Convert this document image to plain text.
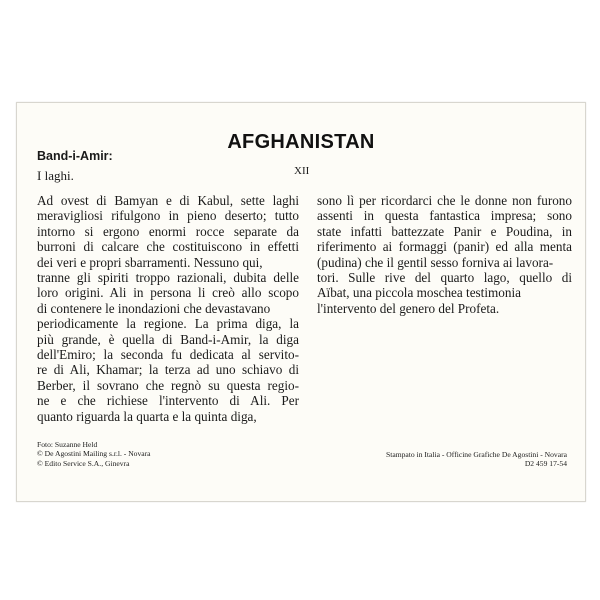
AFGHANISTAN
Band-i-Amir:
I laghi.	XII
Ad ovest di Bamyan e di Kabul, sette laghi
meravigliosi rifulgono in pieno deserto; tutto
intorno si ergono enormi rocce separate da
burroni di calcare che costituiscono in effetti
dei veri e propri sbarramenti. Nessuno qui,
tranne gli spiriti troppo razionali, dubita delle
loro origini. Ali in persona li creò allo scopo
di contenere le inondazioni che devastavano
periodicamente la regione. La prima diga, la
più grande, è quella di Band-i-Amir, la diga
dell'Emiro; la seconda fu dedicata al servito-
re di Ali, Khamar; la terza ad uno schiavo di
Berber, il sovrano che regnò su questa regio-
ne e che richiese l'intervento di Ali. Per
quanto riguarda la quarta e la quinta diga,
sono lì per ricordarci che le donne non furono
assenti in questa fantastica impresa; sono
state infatti battezzate Panir e Poudina, in
riferimento ai formaggi (panir) ed alla menta
(pudina) che il gentil sesso forniva ai lavora-
tori. Sulle rive del quarto lago, quello di
Aïbat, una piccola moschea testimonia
l'intervento del genero del Profeta.
Foto: Suzanne Held
© De Agostini Mailing s.r.l. - Novara
© Edito Service S.A., Ginevra
Stampato in Italia - Officine Grafiche De Agostini - Novara
D2 459 17-54
